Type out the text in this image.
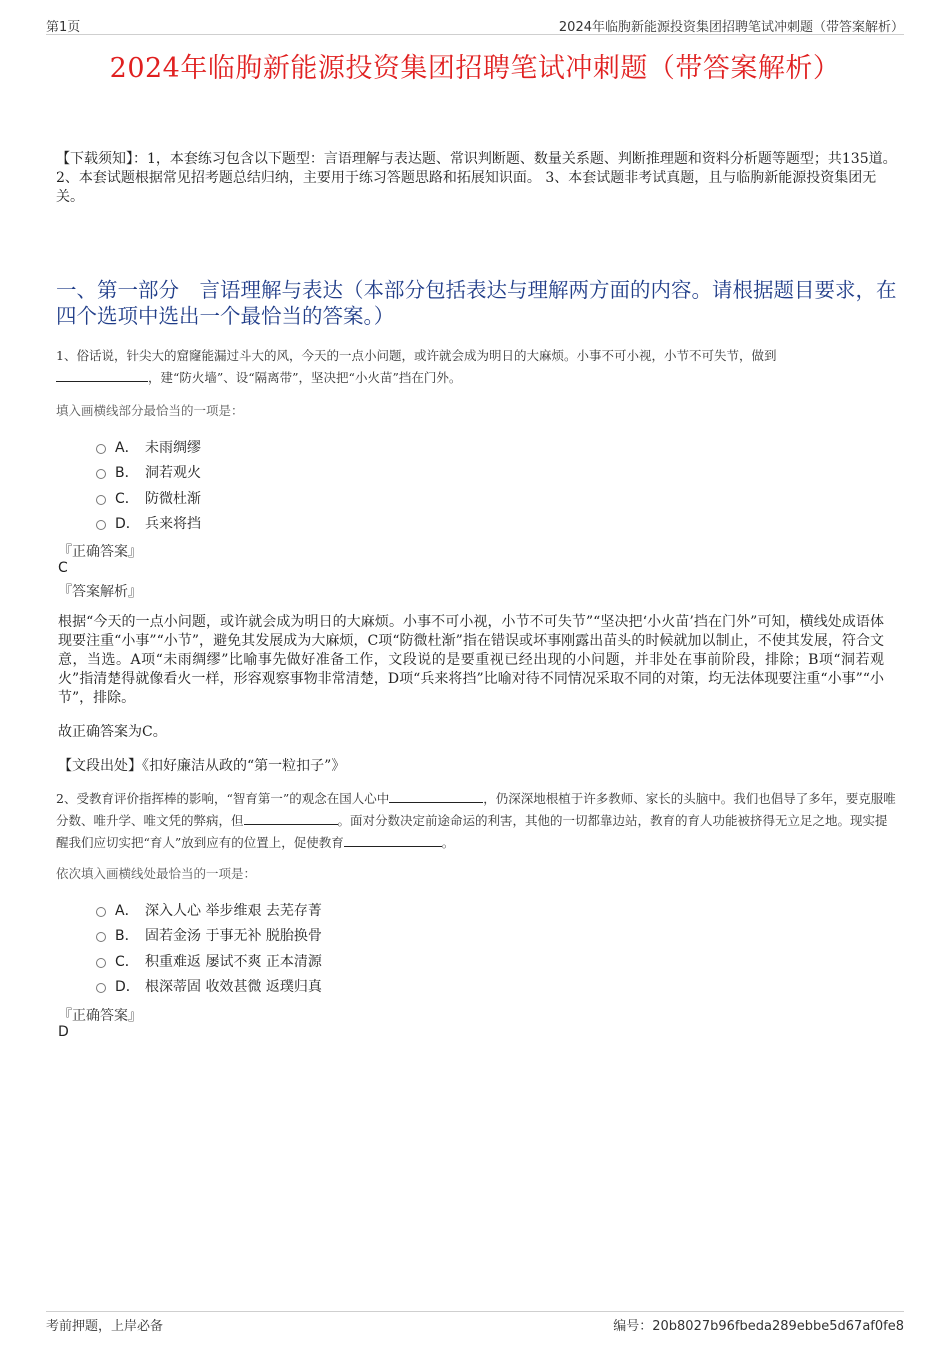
第1页	2024年临朐新能源投资集团招聘笔试冲刺题（带答案解析）
2024年临朐新能源投资集团招聘笔试冲刺题（带答案解析）
【下载须知】：1，本套练习包含以下题型：言语理解与表达题、常识判断题、数量关系题、判断推理题和资料分析题等题型；共135道。 2、本套试题根据常见招考题总结归纳，主要用于练习答题思路和拓展知识面。 3、本套试题非考试真题，且与临朐新能源投资集团无关。
一、第一部分　言语理解与表达（本部分包括表达与理解两方面的内容。请根据题目要求，在四个选项中选出一个最恰当的答案。）
1、俗话说，针尖大的窟窿能漏过斗大的风，今天的一点小问题，或许就会成为明日的大麻烦。小事不可小视，小节不可失节，做到
，建“防火墙”、设“隔离带”，坚决把“小火苗”挡在门外。
填入画横线部分最恰当的一项是：
A． 未雨绸缪
B． 洞若观火
C． 防微杜渐
D． 兵来将挡
『正确答案』
C
『答案解析』
根据“今天的一点小问题，或许就会成为明日的大麻烦。小事不可小视，小节不可失节”“坚决把‘小火苗’挡在门外”可知，横线处成语体现要注重“小事”“小节”，避免其发展成为大麻烦，C项“防微杜渐”指在错误或坏事刚露出苗头的时候就加以制止，不使其发展，符合文意，当选。A项“未雨绸缪”比喻事先做好准备工作，文段说的是要重视已经出现的小问题，并非处在事前阶段，排除；B项“洞若观火”指清楚得就像看火一样，形容观察事物非常清楚，D项“兵来将挡”比喻对待不同情况采取不同的对策，均无法体现要注重“小事”“小节”，排除。
故正确答案为C。
【文段出处】《扣好廉洁从政的“第一粒扣子”》
2、受教育评价指挥棒的影响，“智育第一”的观念在国人心中	，仍深深地根植于许多教师、家长的头脑中。我们也倡导了多年，要克服唯分数、唯升学、唯文凭的弊病，但	。面对分数决定前途命运的利害，其他的一切都靠边站，教育的育人功能被挤得无立足之地。现实提醒我们应切实把“育人”放到应有的位置上，促使教育	。
依次填入画横线处最恰当的一项是：
A． 深入人心 举步维艰 去芜存菁
B． 固若金汤 于事无补 脱胎换骨
C． 积重难返 屡试不爽 正本清源
D． 根深蒂固 收效甚微 返璞归真
『正确答案』
D
考前押题，上岸必备	编号：20b8027b96fbeda289ebbe5d67af0fe8
